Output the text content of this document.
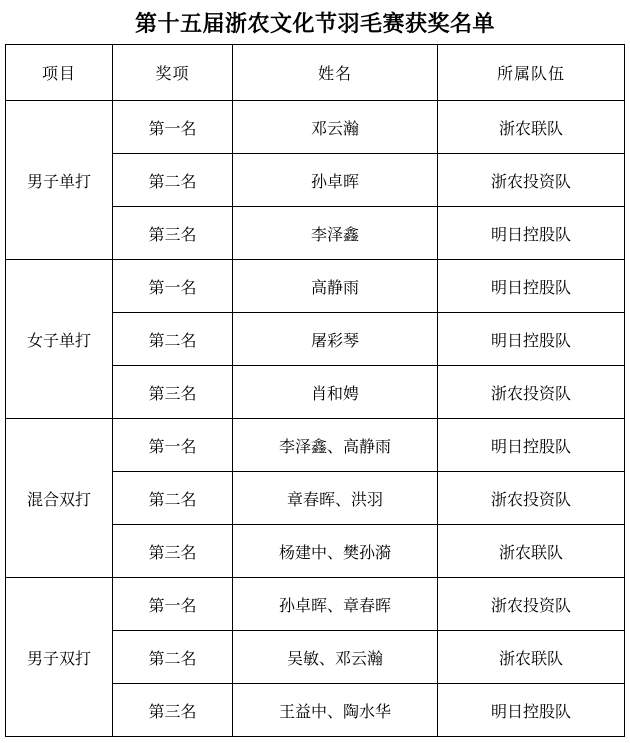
第十五届浙农文化节羽毛赛获奖名单
项目	奖项	姓名	所属队伍
男子单打	第一名	邓云瀚	浙农联队
	第二名	孙卓晖	浙农投资队
	第三名	李泽鑫	明日控股队
女子单打	第一名	高静雨	明日控股队
	第二名	屠彩琴	明日控股队
	第三名	肖和娉	浙农投资队
混合双打	第一名	李泽鑫、高静雨	明日控股队
	第二名	章春晖、洪羽	浙农投资队
	第三名	杨建中、樊孙漪	浙农联队
男子双打	第一名	孙卓晖、章春晖	浙农投资队
	第二名	吴敏、邓云瀚	浙农联队
	第三名	王益中、陶水华	明日控股队
